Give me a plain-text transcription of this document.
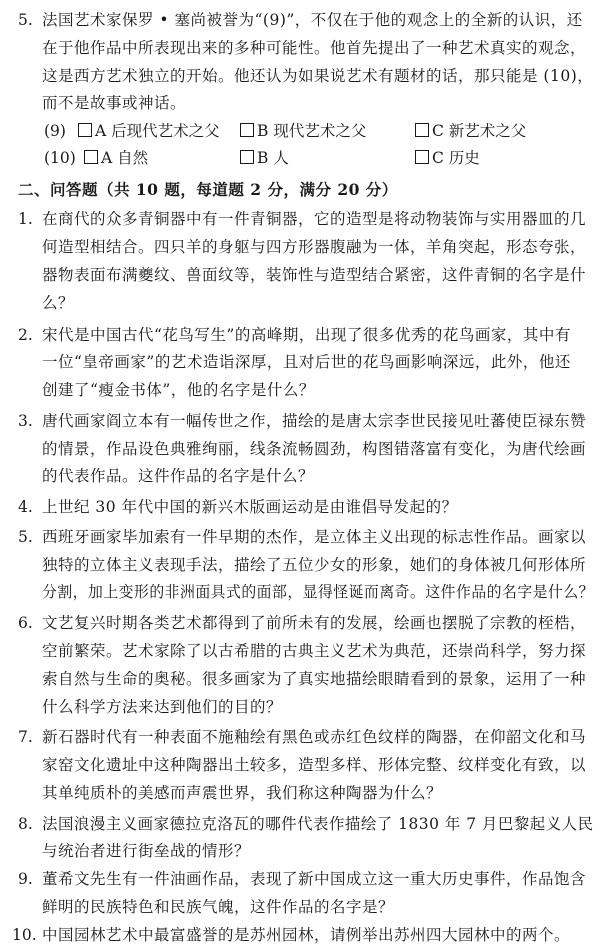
5. 法国艺术家保罗 • 塞尚被誉为“(9)”，不仅在于他的观念上的全新的认识，还
在于他作品中所表现出来的多种可能性。他首先提出了一种艺术真实的观念，
这是西方艺术独立的开始。他还认为如果说艺术有题材的话，那只能是 (10)，
而不是故事或神话。
(9)	A 后现代艺术之父	B 现代艺术之父	C 新艺术之父
(10)	A 自然	B 人	C 历史
二、问答题（共 10 题，每道题 2 分，满分 20 分）
1. 在商代的众多青铜器中有一件青铜器，它的造型是将动物装饰与实用器皿的几
何造型相结合。四只羊的身躯与四方形器腹融为一体，羊角突起，形态夸张，
器物表面布满夔纹、兽面纹等，装饰性与造型结合紧密，这件青铜的名字是什
么？
2. 宋代是中国古代“花鸟写生”的高峰期，出现了很多优秀的花鸟画家，其中有
一位“皇帝画家”的艺术造诣深厚，且对后世的花鸟画影响深远，此外，他还
创建了“瘦金书体”，他的名字是什么？
3. 唐代画家阎立本有一幅传世之作，描绘的是唐太宗李世民接见吐蕃使臣禄东赞
的情景，作品设色典雅绚丽，线条流畅圆劲，构图错落富有变化，为唐代绘画
的代表作品。这件作品的名字是什么？
4. 上世纪 30 年代中国的新兴木版画运动是由谁倡导发起的？
5. 西班牙画家毕加索有一件早期的杰作，是立体主义出现的标志性作品。画家以
独特的立体主义表现手法，描绘了五位少女的形象，她们的身体被几何形体所
分割，加上变形的非洲面具式的面部，显得怪诞而离奇。这件作品的名字是什么？
6. 文艺复兴时期各类艺术都得到了前所未有的发展，绘画也摆脱了宗教的桎梏，
空前繁荣。艺术家除了以古希腊的古典主义艺术为典范，还崇尚科学，努力探
索自然与生命的奥秘。很多画家为了真实地描绘眼睛看到的景象，运用了一种
什么科学方法来达到他们的目的？
7. 新石器时代有一种表面不施釉绘有黑色或赤红色纹样的陶器，在仰韶文化和马
家窑文化遗址中这种陶器出土较多，造型多样、形体完整、纹样变化有致，以
其单纯质朴的美感而声震世界，我们称这种陶器为什么？
8. 法国浪漫主义画家德拉克洛瓦的哪件代表作描绘了 1830 年 7 月巴黎起义人民
与统治者进行街垒战的情形？
9. 董希文先生有一件油画作品，表现了新中国成立这一重大历史事件，作品饱含
鲜明的民族特色和民族气魄，这件作品的名字是？
10. 中国园林艺术中最富盛誉的是苏州园林，请例举出苏州四大园林中的两个。
